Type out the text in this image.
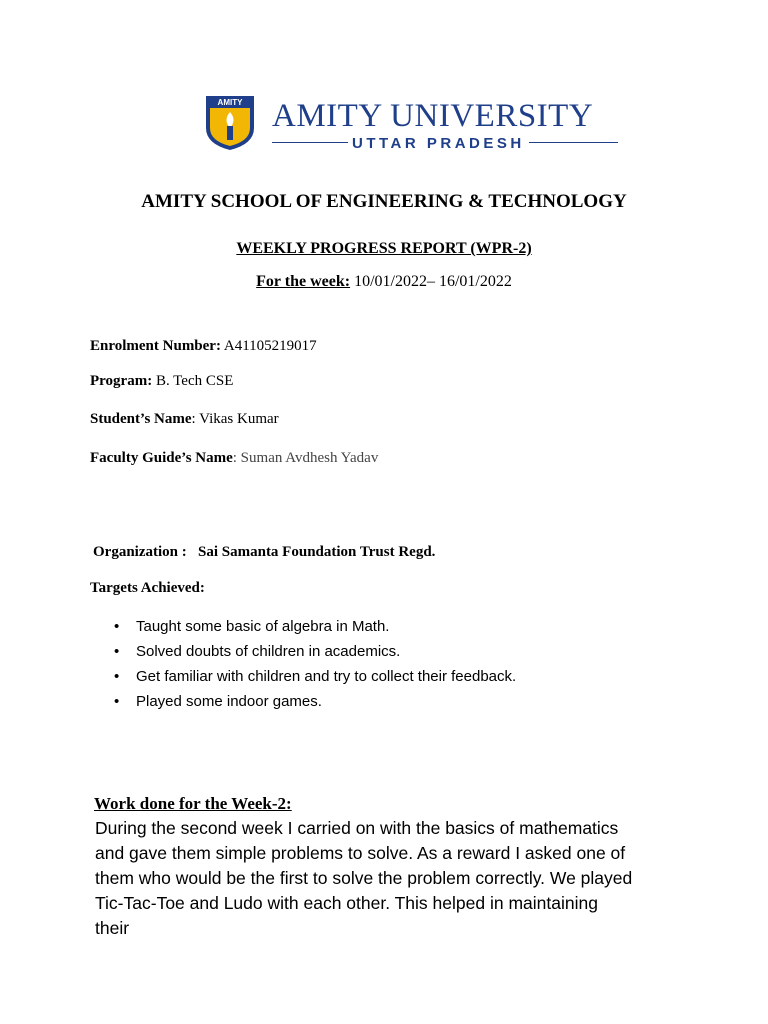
AMITY AMITY UNIVERSITY
UTTAR PRADESH
AMITY SCHOOL OF ENGINEERING & TECHNOLOGY
WEEKLY PROGRESS REPORT (WPR-2)
For the week: 10/01/2022– 16/01/2022
Enrolment Number: A41105219017
Program: B. Tech CSE
Student’s Name: Vikas Kumar
Faculty Guide’s Name: Suman Avdhesh Yadav
Organization : Sai Samanta Foundation Trust Regd.
Targets Achieved:
• Taught some basic of algebra in Math.
• Solved doubts of children in academics.
• Get familiar with children and try to collect their feedback.
• Played some indoor games.
Work done for the Week-2:
During the second week I carried on with the basics of mathematics
and gave them simple problems to solve. As a reward I asked one of
them who would be the first to solve the problem correctly. We played
Tic-Tac-Toe and Ludo with each other. This helped in maintaining their
